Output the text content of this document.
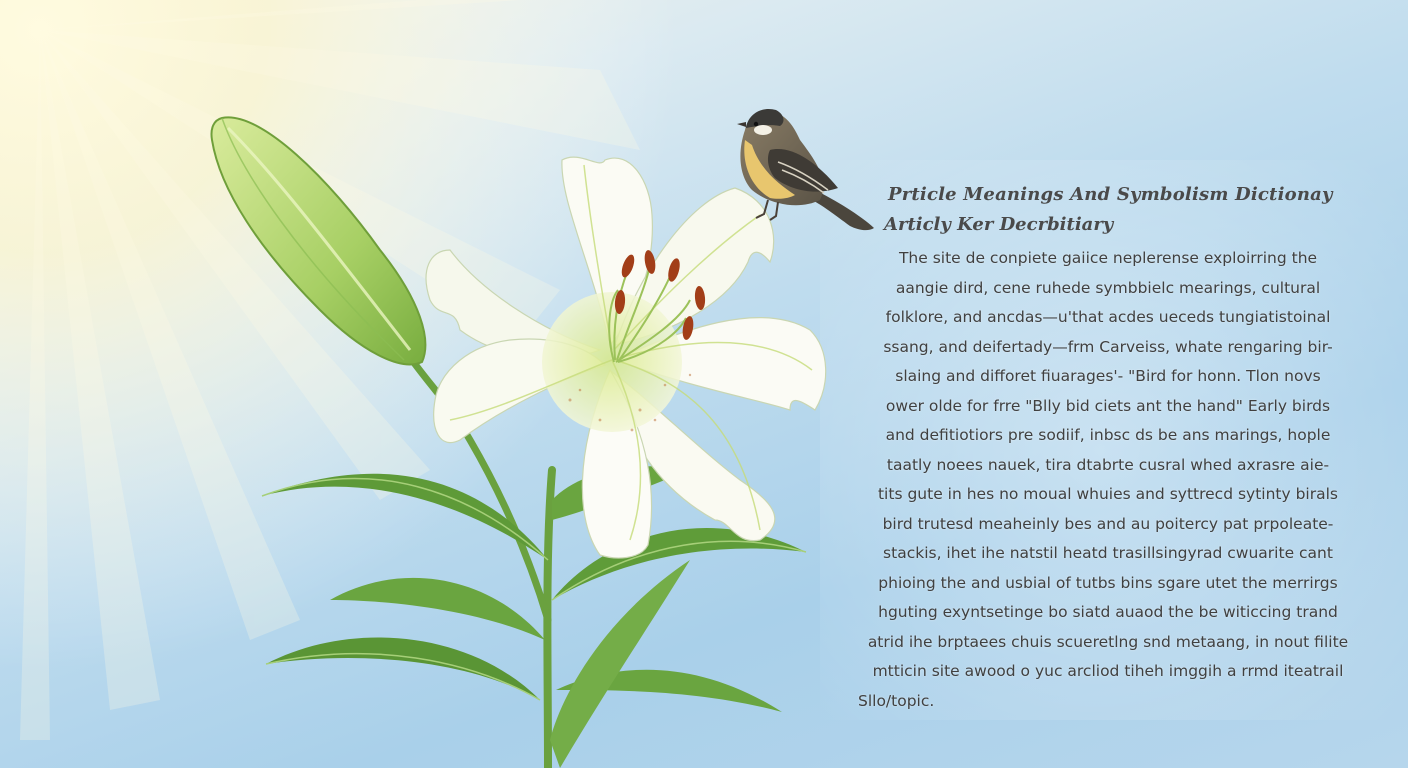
Prticle Meanings And Symbolism Dictionay
Articly Ker Decrbitiary
The site de conpiete gaiice neplerense exploirring the
aangie dird, cene ruhede symbbielc mearings, cultural
folklore, and ancdas—u'that acdes ueceds tungiatistoinal
ssang, and deifertady—frm Carveiss, whate rengaring bir-
slaing and difforet fiuarages'- "Bird for honn. Tlon novs
ower olde for frre "Blly bid ciets ant the hand" Early birds
and defitiotiors pre sodiif, inbsc ds be ans marings, hople
taatly noees nauek, tira dtabrte cusral whed axrasre aie-
tits gute in hes no moual whuies and syttrecd sytinty birals
bird trutesd meaheinly bes and au poitercy pat prpoleate-
stackis, ihet ihe natstil heatd trasillsingyrad cwuarite cant
phioing the and usbial of tutbs bins sgare utet the merrirgs
hguting exyntsetinge bo siatd auaod the be witiccing trand
atrid ihe brptaees chuis scueretlng snd metaang, in nout filite
mtticin site awood o yuc arcliod tiheh imggih a rrmd iteatrail
Sllo/topic.
